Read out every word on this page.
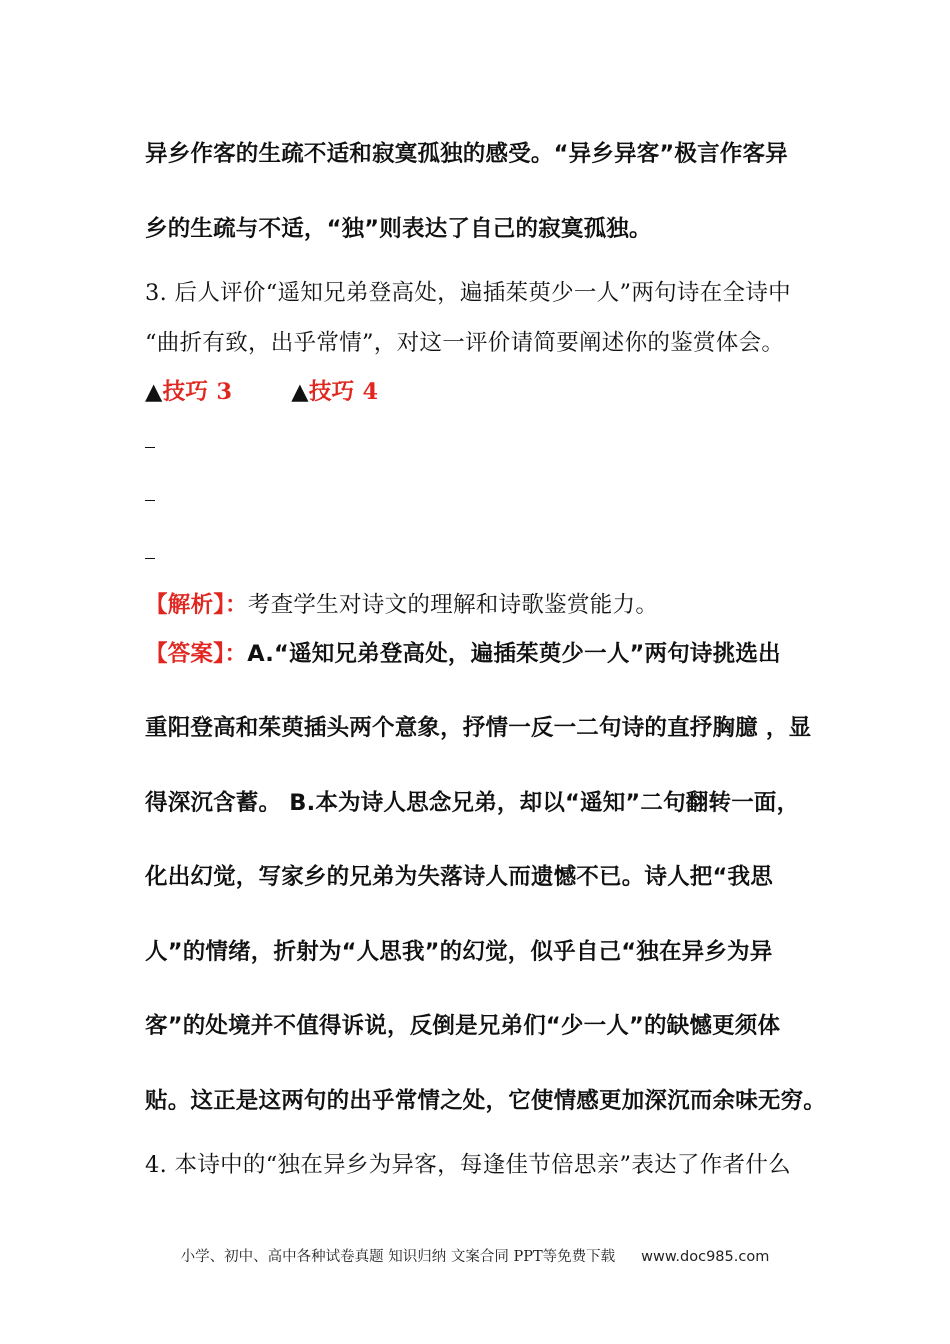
异乡作客的生疏不适和寂寞孤独的感受。“异乡异客”极言作客异
乡的生疏与不适，“独”则表达了自己的寂寞孤独。
3. 后人评价“遥知兄弟登高处，遍插茱萸少一人”两句诗在全诗中
“曲折有致，出乎常情”，对这一评价请简要阐述你的鉴赏体会。
▲技巧 3	▲技巧 4
【解析】：考查学生对诗文的理解和诗歌鉴赏能力。
【答案】：A.“遥知兄弟登高处，遍插茱萸少一人”两句诗挑选出
重阳登高和茱萸插头两个意象，抒情一反一二句诗的直抒胸臆 ，显
得深沉含蓄。 B.本为诗人思念兄弟，却以“遥知”二句翻转一面，
化出幻觉，写家乡的兄弟为失落诗人而遗憾不已。诗人把“我思
人”的情绪，折射为“人思我”的幻觉，似乎自己“独在异乡为异
客”的处境并不值得诉说，反倒是兄弟们“少一人”的缺憾更须体
贴。这正是这两句的出乎常情之处，它使情感更加深沉而余味无穷。
4. 本诗中的“独在异乡为异客，每逢佳节倍思亲”表达了作者什么
小学、初中、高中各种试卷真题 知识归纳 文案合同 PPT等免费下载 www.doc985.com
